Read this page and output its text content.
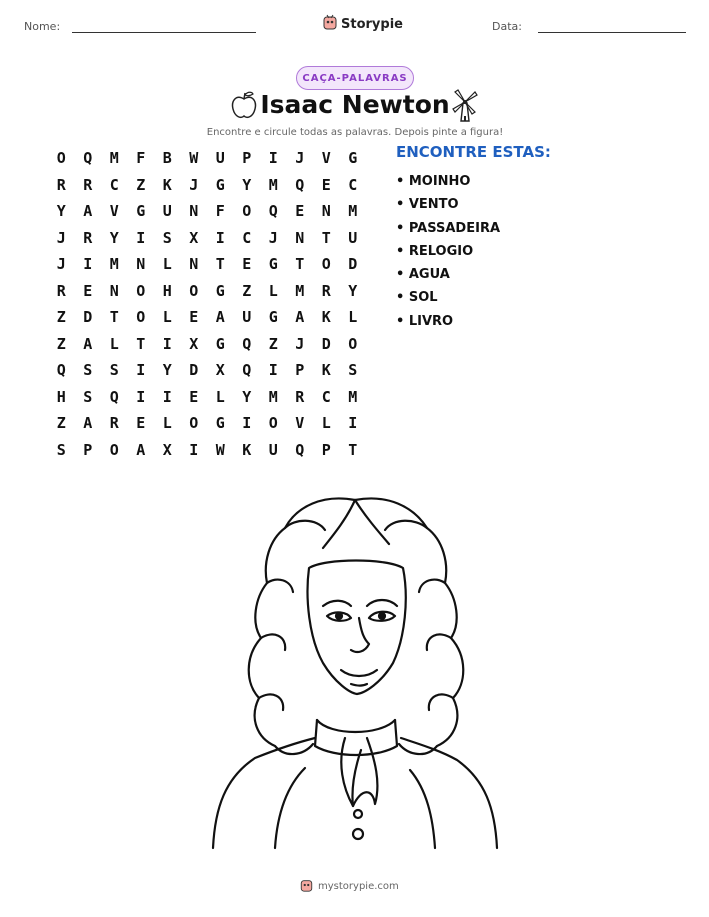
Nome:	Storypie	Data:
CAÇA-PALAVRAS
Isaac Newton
Encontre e circule todas as palavras. Depois pinte a figura!
O	Q	M	F	B	W	U	P	I	J	V	G
R	R	C	Z	K	J	G	Y	M	Q	E	C
Y	A	V	G	U	N	F	O	Q	E	N	M
J	R	Y	I	S	X	I	C	J	N	T	U
J	I	M	N	L	N	T	E	G	T	O	D
R	E	N	O	H	O	G	Z	L	M	R	Y
Z	D	T	O	L	E	A	U	G	A	K	L
Z	A	L	T	I	X	G	Q	Z	J	D	O
Q	S	S	I	Y	D	X	Q	I	P	K	S
H	S	Q	I	I	E	L	Y	M	R	C	M
Z	A	R	E	L	O	G	I	O	V	L	I
S	P	O	A	X	I	W	K	U	Q	P	T
ENCONTRE ESTAS:
• MOINHO
• VENTO
• PASSADEIRA
• RELOGIO
• AGUA
• SOL
• LIVRO
mystorypie.com
